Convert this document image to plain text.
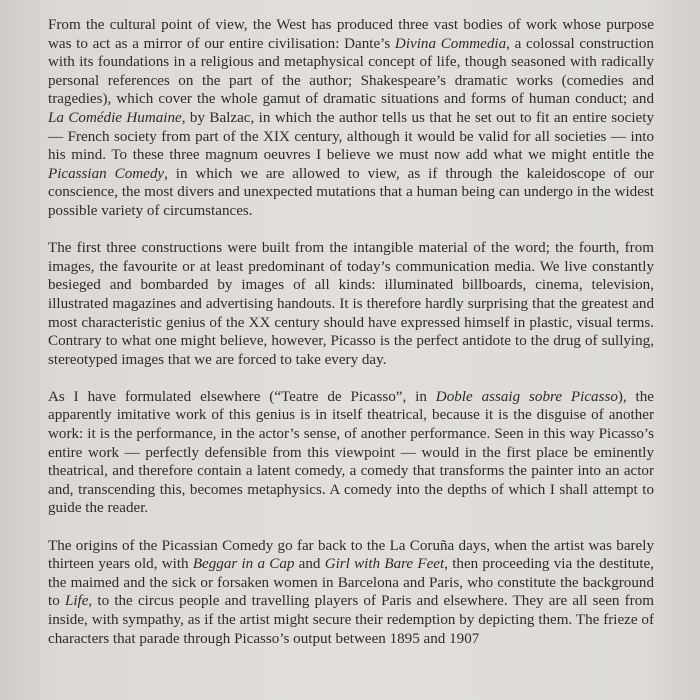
From the cultural point of view, the West has produced three vast bodies of work whose purpose was to act as a mirror of our entire civilisation: Dante’s Divina Commedia, a colossal construction with its foundations in a religious and metaphysical concept of life, though seasoned with radically personal references on the part of the author; Shakespeare’s dramatic works (comedies and tragedies), which cover the whole gamut of dramatic situations and forms of human conduct; and La Comédie Humaine, by Balzac, in which the author tells us that he set out to fit an entire society — French society from part of the XIX century, although it would be valid for all societies — into his mind. To these three magnum oeuvres I believe we must now add what we might entitle the Picassian Comedy, in which we are allowed to view, as if through the kaleidoscope of our conscience, the most divers and unexpected mutations that a human being can undergo in the widest possible variety of circumstances.

The first three constructions were built from the intangible material of the word; the fourth, from images, the favourite or at least predominant of today’s communication media. We live constantly besieged and bombarded by images of all kinds: illuminated billboards, cinema, television, illustrated magazines and advertising handouts. It is therefore hardly surprising that the greatest and most characteristic genius of the XX century should have expressed himself in plastic, visual terms. Contrary to what one might believe, however, Picasso is the perfect antidote to the drug of sullying, stereotyped images that we are forced to take every day.

As I have formulated elsewhere (“Teatre de Picasso”, in Doble assaig sobre Picasso), the apparently imitative work of this genius is in itself theatrical, because it is the disguise of another work: it is the performance, in the actor’s sense, of another performance. Seen in this way Picasso’s entire work — perfectly defensible from this viewpoint — would in the first place be eminently theatrical, and therefore contain a latent comedy, a comedy that transforms the painter into an actor and, transcending this, becomes metaphysics. A comedy into the depths of which I shall attempt to guide the reader.

The origins of the Picassian Comedy go far back to the La Coruña days, when the artist was barely thirteen years old, with Beggar in a Cap and Girl with Bare Feet, then proceeding via the destitute, the maimed and the sick or forsaken women in Barcelona and Paris, who constitute the background to Life, to the circus people and travelling players of Paris and elsewhere. They are all seen from inside, with sympathy, as if the artist might secure their redemption by depicting them. The frieze of characters that parade through Picasso’s output between 1895 and 1907
